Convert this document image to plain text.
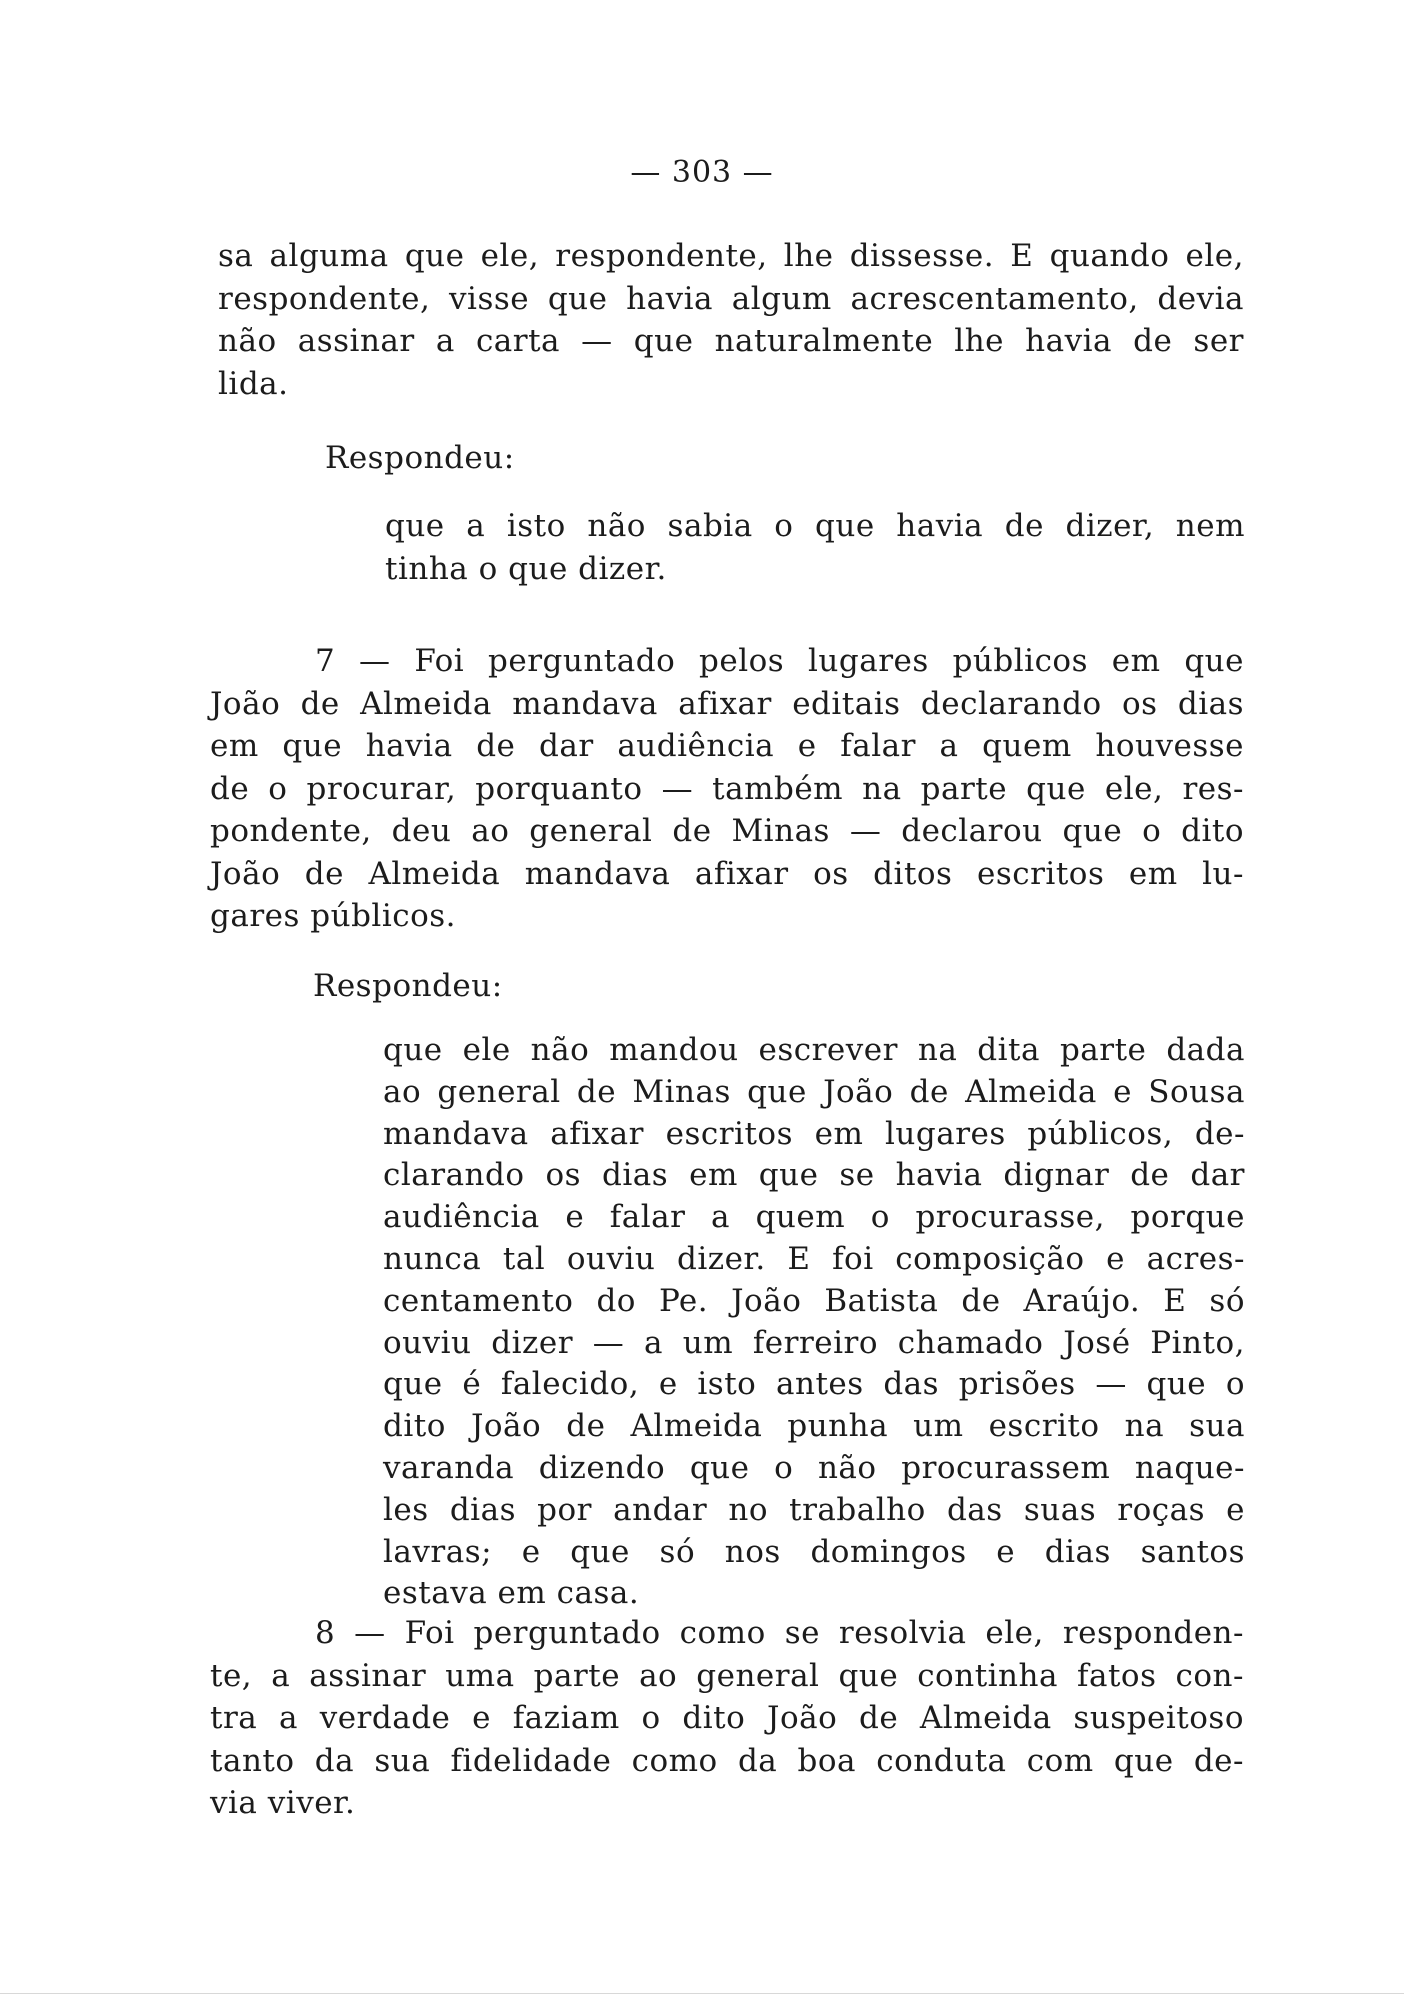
— 303 —
sa alguma que ele, respondente, lhe dissesse. E quando ele,
respondente, visse que havia algum acrescentamento, devia
não assinar a carta — que naturalmente lhe havia de ser
lida.
Respondeu:
que a isto não sabia o que havia de dizer, nem
tinha o que dizer.
7 — Foi perguntado pelos lugares públicos em que
João de Almeida mandava afixar editais declarando os dias
em que havia de dar audiência e falar a quem houvesse
de o procurar, porquanto — também na parte que ele, res-
pondente, deu ao general de Minas — declarou que o dito
João de Almeida mandava afixar os ditos escritos em lu-
gares públicos.
Respondeu:
que ele não mandou escrever na dita parte dada
ao general de Minas que João de Almeida e Sousa
mandava afixar escritos em lugares públicos, de-
clarando os dias em que se havia dignar de dar
audiência e falar a quem o procurasse, porque
nunca tal ouviu dizer. E foi composição e acres-
centamento do Pe. João Batista de Araújo. E só
ouviu dizer — a um ferreiro chamado José Pinto,
que é falecido, e isto antes das prisões — que o
dito João de Almeida punha um escrito na sua
varanda dizendo que o não procurassem naque-
les dias por andar no trabalho das suas roças e
lavras; e que só nos domingos e dias santos
estava em casa.
8 — Foi perguntado como se resolvia ele, responden-
te, a assinar uma parte ao general que continha fatos con-
tra a verdade e faziam o dito João de Almeida suspeitoso
tanto da sua fidelidade como da boa conduta com que de-
via viver.
